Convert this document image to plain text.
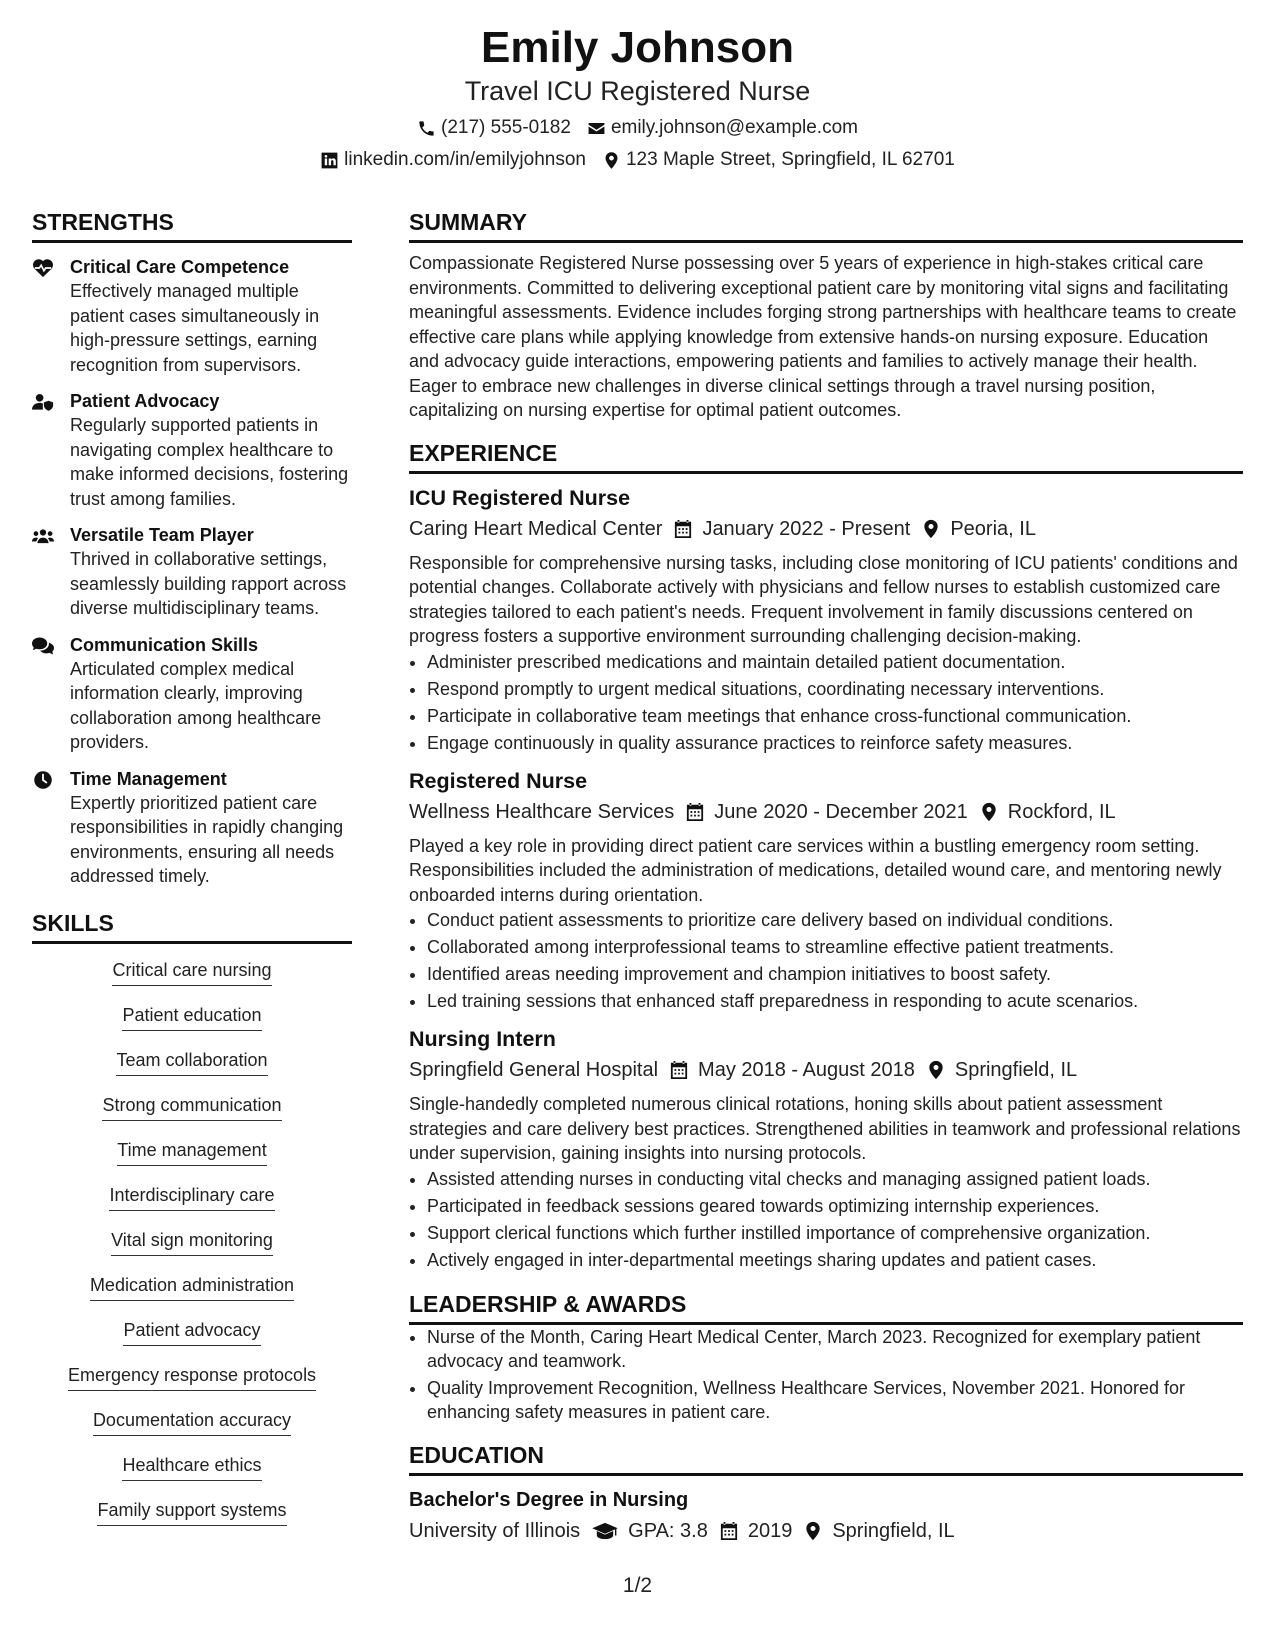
Emily Johnson
Travel ICU Registered Nurse
(217) 555-0182 emily.johnson@example.com
linkedin.com/in/emilyjohnson 123 Maple Street, Springfield, IL 62701
STRENGTHS
Critical Care Competence
Effectively managed multiple patient cases simultaneously in high-pressure settings, earning recognition from supervisors.
Patient Advocacy
Regularly supported patients in navigating complex healthcare to make informed decisions, fostering trust among families.
Versatile Team Player
Thrived in collaborative settings, seamlessly building rapport across diverse multidisciplinary teams.
Communication Skills
Articulated complex medical information clearly, improving collaboration among healthcare providers.
Time Management
Expertly prioritized patient care responsibilities in rapidly changing environments, ensuring all needs addressed timely.
SKILLS
Critical care nursing
Patient education
Team collaboration
Strong communication
Time management
Interdisciplinary care
Vital sign monitoring
Medication administration
Patient advocacy
Emergency response protocols
Documentation accuracy
Healthcare ethics
Family support systems
SUMMARY
Compassionate Registered Nurse possessing over 5 years of experience in high-stakes critical care environments. Committed to delivering exceptional patient care by monitoring vital signs and facilitating meaningful assessments. Evidence includes forging strong partnerships with healthcare teams to create effective care plans while applying knowledge from extensive hands-on nursing exposure. Education and advocacy guide interactions, empowering patients and families to actively manage their health. Eager to embrace new challenges in diverse clinical settings through a travel nursing position, capitalizing on nursing expertise for optimal patient outcomes.
EXPERIENCE
ICU Registered Nurse
Caring Heart Medical Center January 2022 - Present Peoria, IL
Responsible for comprehensive nursing tasks, including close monitoring of ICU patients' conditions and potential changes. Collaborate actively with physicians and fellow nurses to establish customized care strategies tailored to each patient's needs. Frequent involvement in family discussions centered on progress fosters a supportive environment surrounding challenging decision-making.
• Administer prescribed medications and maintain detailed patient documentation.
• Respond promptly to urgent medical situations, coordinating necessary interventions.
• Participate in collaborative team meetings that enhance cross-functional communication.
• Engage continuously in quality assurance practices to reinforce safety measures.
Registered Nurse
Wellness Healthcare Services June 2020 - December 2021 Rockford, IL
Played a key role in providing direct patient care services within a bustling emergency room setting. Responsibilities included the administration of medications, detailed wound care, and mentoring newly onboarded interns during orientation.
• Conduct patient assessments to prioritize care delivery based on individual conditions.
• Collaborated among interprofessional teams to streamline effective patient treatments.
• Identified areas needing improvement and champion initiatives to boost safety.
• Led training sessions that enhanced staff preparedness in responding to acute scenarios.
Nursing Intern
Springfield General Hospital May 2018 - August 2018 Springfield, IL
Single-handedly completed numerous clinical rotations, honing skills about patient assessment strategies and care delivery best practices. Strengthened abilities in teamwork and professional relations under supervision, gaining insights into nursing protocols.
• Assisted attending nurses in conducting vital checks and managing assigned patient loads.
• Participated in feedback sessions geared towards optimizing internship experiences.
• Support clerical functions which further instilled importance of comprehensive organization.
• Actively engaged in inter-departmental meetings sharing updates and patient cases.
LEADERSHIP & AWARDS
• Nurse of the Month, Caring Heart Medical Center, March 2023. Recognized for exemplary patient advocacy and teamwork.
• Quality Improvement Recognition, Wellness Healthcare Services, November 2021. Honored for enhancing safety measures in patient care.
EDUCATION
Bachelor's Degree in Nursing
University of Illinois GPA: 3.8 2019 Springfield, IL
1/2
